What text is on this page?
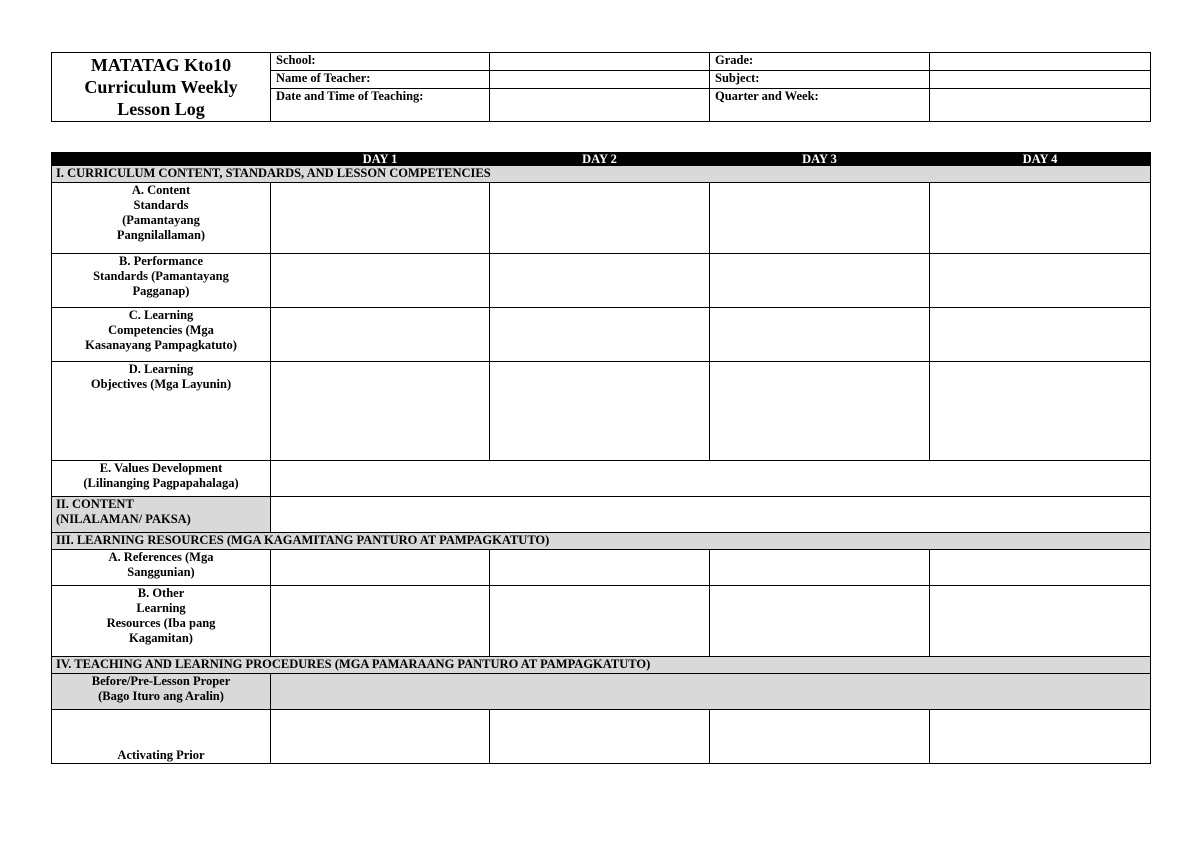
MATATAG Kto10
Curriculum Weekly
Lesson Log	School:		Grade:	
	Name of Teacher:		Subject:	
	Date and Time of Teaching:		Quarter and Week:	
	DAY 1	DAY 2	DAY 3	DAY 4
I. CURRICULUM CONTENT, STANDARDS, AND LESSON COMPETENCIES				

A. Content
Standards
(Pamantayang
Pangnilallaman)				

B. Performance
Standards (Pamantayang
Pagganap)				

C. Learning
Competencies (Mga
Kasanayang Pampagkatuto)				

D. Learning
Objectives (Mga Layunin)				

E. Values Development
(Lilinanging Pagpapahalaga)				

II. CONTENT
(NILALAMAN/ PAKSA)				

III. LEARNING RESOURCES (MGA KAGAMITANG PANTURO AT PAMPAGKATUTO)				

A. References (Mga
Sanggunian)				

B. Other
Learning
Resources (Iba pang
Kagamitan)				

IV. TEACHING AND LEARNING PROCEDURES (MGA PAMARAANG PANTURO AT PAMPAGKATUTO)				

Before/Pre-Lesson Proper
(Bago Ituro ang Aralin)				

Activating Prior				
